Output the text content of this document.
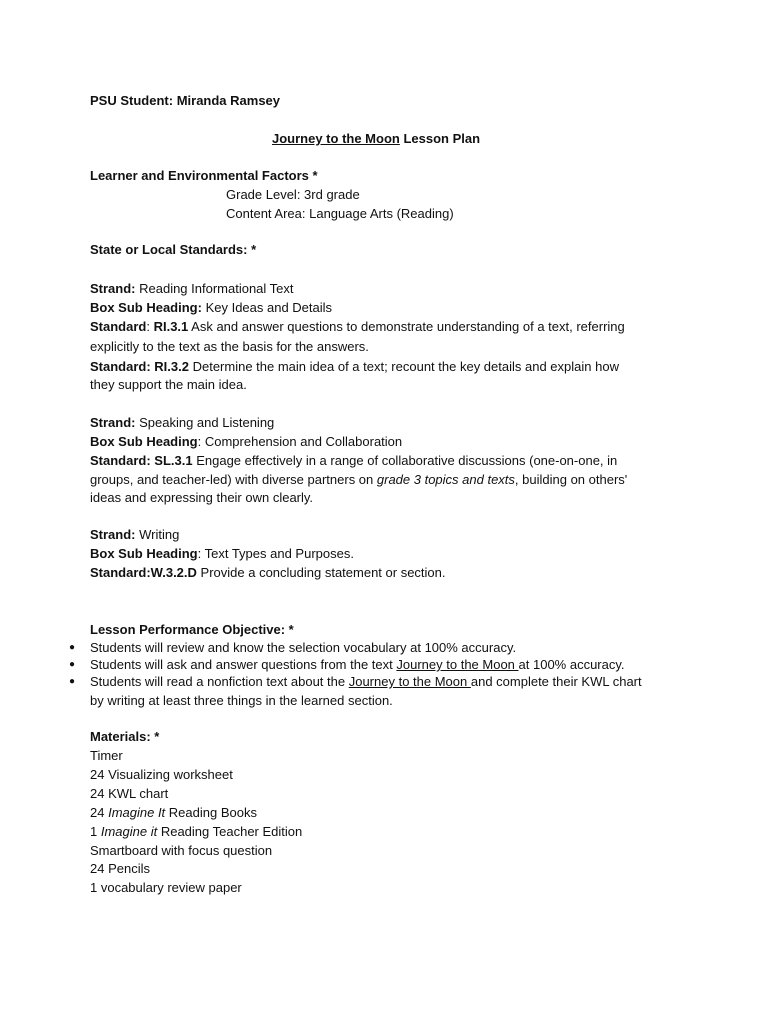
PSU Student: Miranda Ramsey
Journey to the Moon Lesson Plan
Learner and Environmental Factors *
Grade Level: 3rd grade
Content Area: Language Arts (Reading)
State or Local Standards: *
Strand: Reading Informational Text
Box Sub Heading: Key Ideas and Details
Standard: RI.3.1 Ask and answer questions to demonstrate understanding of a text, referring
explicitly to the text as the basis for the answers.
Standard: RI.3.2 Determine the main idea of a text; recount the key details and explain how
they support the main idea.
Strand: Speaking and Listening
Box Sub Heading: Comprehension and Collaboration
Standard: SL.3.1 Engage effectively in a range of collaborative discussions (one-on-one, in
groups, and teacher-led) with diverse partners on grade 3 topics and texts, building on others'
ideas and expressing their own clearly.
Strand: Writing
Box Sub Heading: Text Types and Purposes.
Standard:W.3.2.D Provide a concluding statement or section.
Lesson Performance Objective: *
● Students will review and know the selection vocabulary at 100% accuracy.
● Students will ask and answer questions from the text Journey to the Moon at 100% accuracy.
● Students will read a nonfiction text about the Journey to the Moon and complete their KWL chart
by writing at least three things in the learned section.
Materials: *
Timer
24 Visualizing worksheet
24 KWL chart
24 Imagine It Reading Books
1 Imagine it Reading Teacher Edition
Smartboard with focus question
24 Pencils
1 vocabulary review paper
